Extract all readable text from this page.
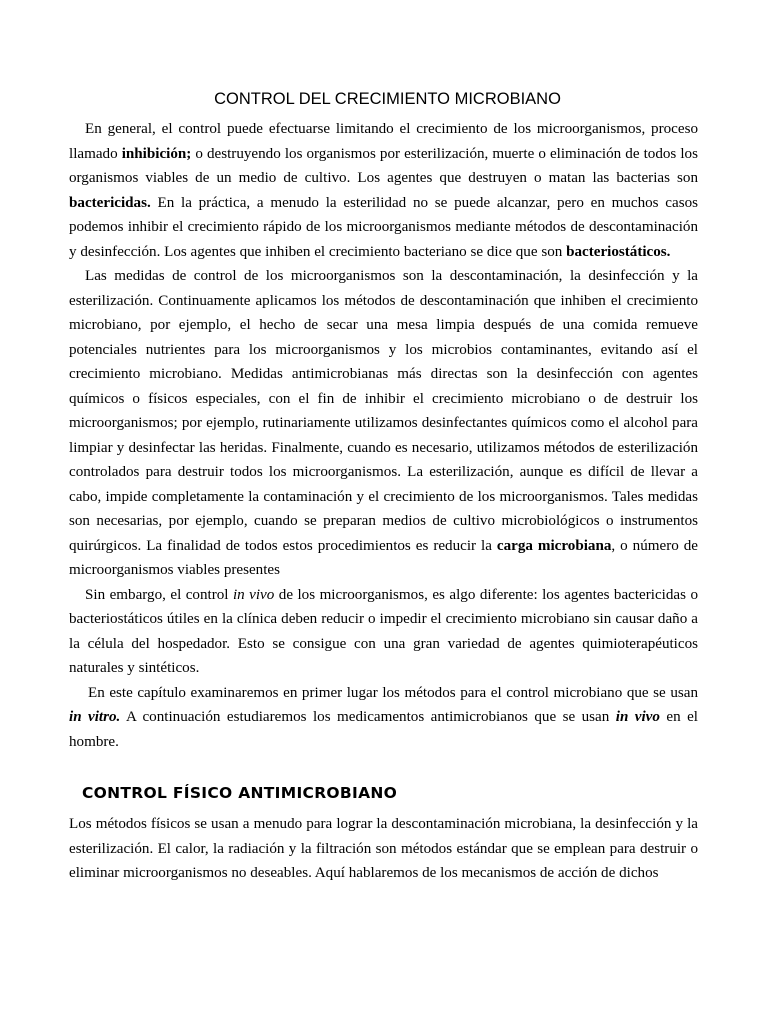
CONTROL DEL CRECIMIENTO MICROBIANO

En general, el control puede efectuarse limitando el crecimiento de los microorganismos, proceso llamado inhibición; o destruyendo los organismos por esterilización, muerte o eliminación de todos los organismos viables de un medio de cultivo. Los agentes que destruyen o matan las bacterias son bactericidas. En la práctica, a menudo la esterilidad no se puede alcanzar, pero en muchos casos podemos inhibir el crecimiento rápido de los microorganismos mediante métodos de descontaminación y desinfección. Los agentes que inhiben el crecimiento bacteriano se dice que son bacteriostáticos.

Las medidas de control de los microorganismos son la descontaminación, la desinfección y la esterilización. Continuamente aplicamos los métodos de descontaminación que inhiben el crecimiento microbiano, por ejemplo, el hecho de secar una mesa limpia después de una comida remueve potenciales nutrientes para los microorganismos y los microbios contaminantes, evitando así el crecimiento microbiano. Medidas antimicrobianas más directas son la desinfección con agentes químicos o físicos especiales, con el fin de inhibir el crecimiento microbiano o de destruir los microorganismos; por ejemplo, rutinariamente utilizamos desinfectantes químicos como el alcohol para limpiar y desinfectar las heridas. Finalmente, cuando es necesario, utilizamos métodos de esterilización controlados para destruir todos los microorganismos. La esterilización, aunque es difícil de llevar a cabo, impide completamente la contaminación y el crecimiento de los microorganismos. Tales medidas son necesarias, por ejemplo, cuando se preparan medios de cultivo microbiológicos o instrumentos quirúrgicos. La finalidad de todos estos procedimientos es reducir la carga microbiana, o número de microorganismos viables presentes

Sin embargo, el control in vivo de los microorganismos, es algo diferente: los agentes bactericidas o bacteriostáticos útiles en la clínica deben reducir o impedir el crecimiento microbiano sin causar daño a la célula del hospedador. Esto se consigue con una gran variedad de agentes quimioterapéuticos naturales y sintéticos.

En este capítulo examinaremos en primer lugar los métodos para el control microbiano que se usan in vitro. A continuación estudiaremos los medicamentos antimicrobianos que se usan in vivo en el hombre.

CONTROL FÍSICO ANTIMICROBIANO

Los métodos físicos se usan a menudo para lograr la descontaminación microbiana, la desinfección y la esterilización. El calor, la radiación y la filtración son métodos estándar que se emplean para destruir o eliminar microorganismos no deseables. Aquí hablaremos de los mecanismos de acción de dichos
